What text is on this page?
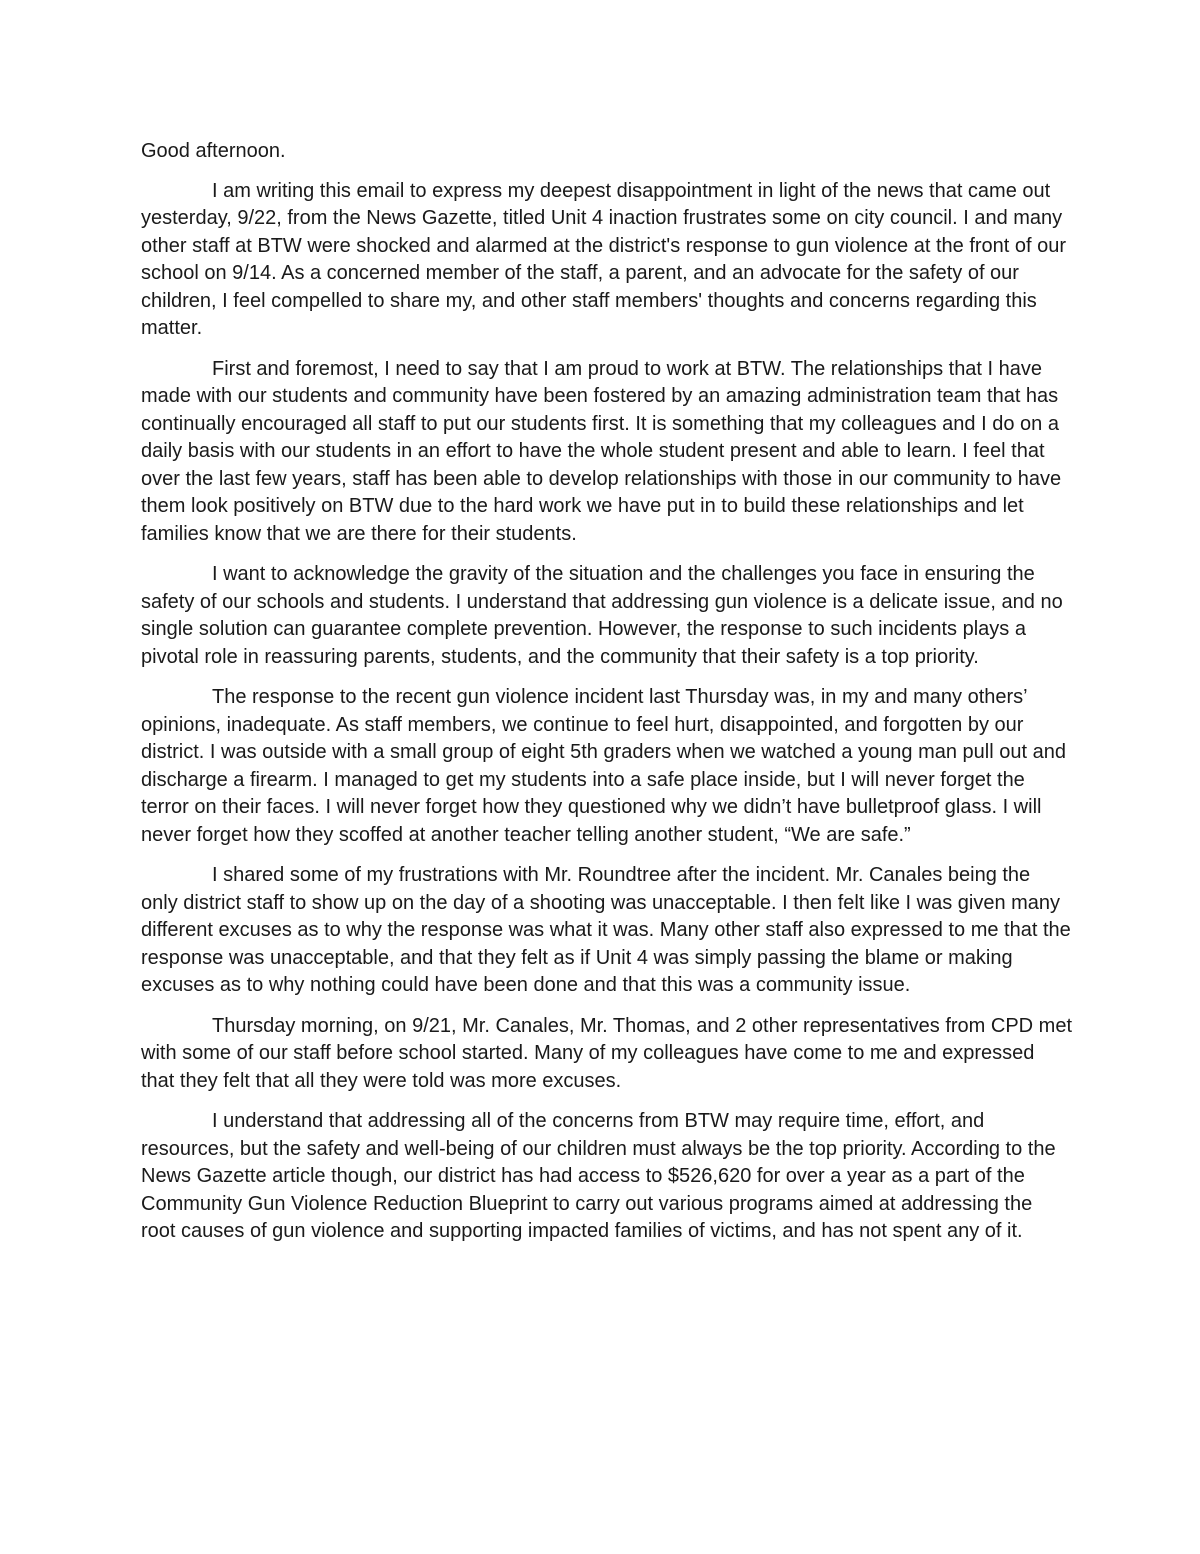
Good afternoon.

I am writing this email to express my deepest disappointment in light of the news that came out yesterday, 9/22, from the News Gazette, titled Unit 4 inaction frustrates some on city council. I and many other staff at BTW were shocked and alarmed at the district's response to gun violence at the front of our school on 9/14. As a concerned member of the staff, a parent, and an advocate for the safety of our children, I feel compelled to share my, and other staff members' thoughts and concerns regarding this matter.

First and foremost, I need to say that I am proud to work at BTW. The relationships that I have made with our students and community have been fostered by an amazing administration team that has continually encouraged all staff to put our students first. It is something that my colleagues and I do on a daily basis with our students in an effort to have the whole student present and able to learn. I feel that over the last few years, staff has been able to develop relationships with those in our community to have them look positively on BTW due to the hard work we have put in to build these relationships and let families know that we are there for their students.

I want to acknowledge the gravity of the situation and the challenges you face in ensuring the safety of our schools and students. I understand that addressing gun violence is a delicate issue, and no single solution can guarantee complete prevention. However, the response to such incidents plays a pivotal role in reassuring parents, students, and the community that their safety is a top priority.

The response to the recent gun violence incident last Thursday was, in my and many others’ opinions, inadequate. As staff members, we continue to feel hurt, disappointed, and forgotten by our district. I was outside with a small group of eight 5th graders when we watched a young man pull out and discharge a firearm. I managed to get my students into a safe place inside, but I will never forget the terror on their faces. I will never forget how they questioned why we didn’t have bulletproof glass. I will never forget how they scoffed at another teacher telling another student, “We are safe.”

I shared some of my frustrations with Mr. Roundtree after the incident. Mr. Canales being the only district staff to show up on the day of a shooting was unacceptable. I then felt like I was given many different excuses as to why the response was what it was. Many other staff also expressed to me that the response was unacceptable, and that they felt as if Unit 4 was simply passing the blame or making excuses as to why nothing could have been done and that this was a community issue.

Thursday morning, on 9/21, Mr. Canales, Mr. Thomas, and 2 other representatives from CPD met with some of our staff before school started. Many of my colleagues have come to me and expressed that they felt that all they were told was more excuses.

I understand that addressing all of the concerns from BTW may require time, effort, and resources, but the safety and well-being of our children must always be the top priority. According to the News Gazette article though, our district has had access to $526,620 for over a year as a part of the Community Gun Violence Reduction Blueprint to carry out various programs aimed at addressing the root causes of gun violence and supporting impacted families of victims, and has not spent any of it.
